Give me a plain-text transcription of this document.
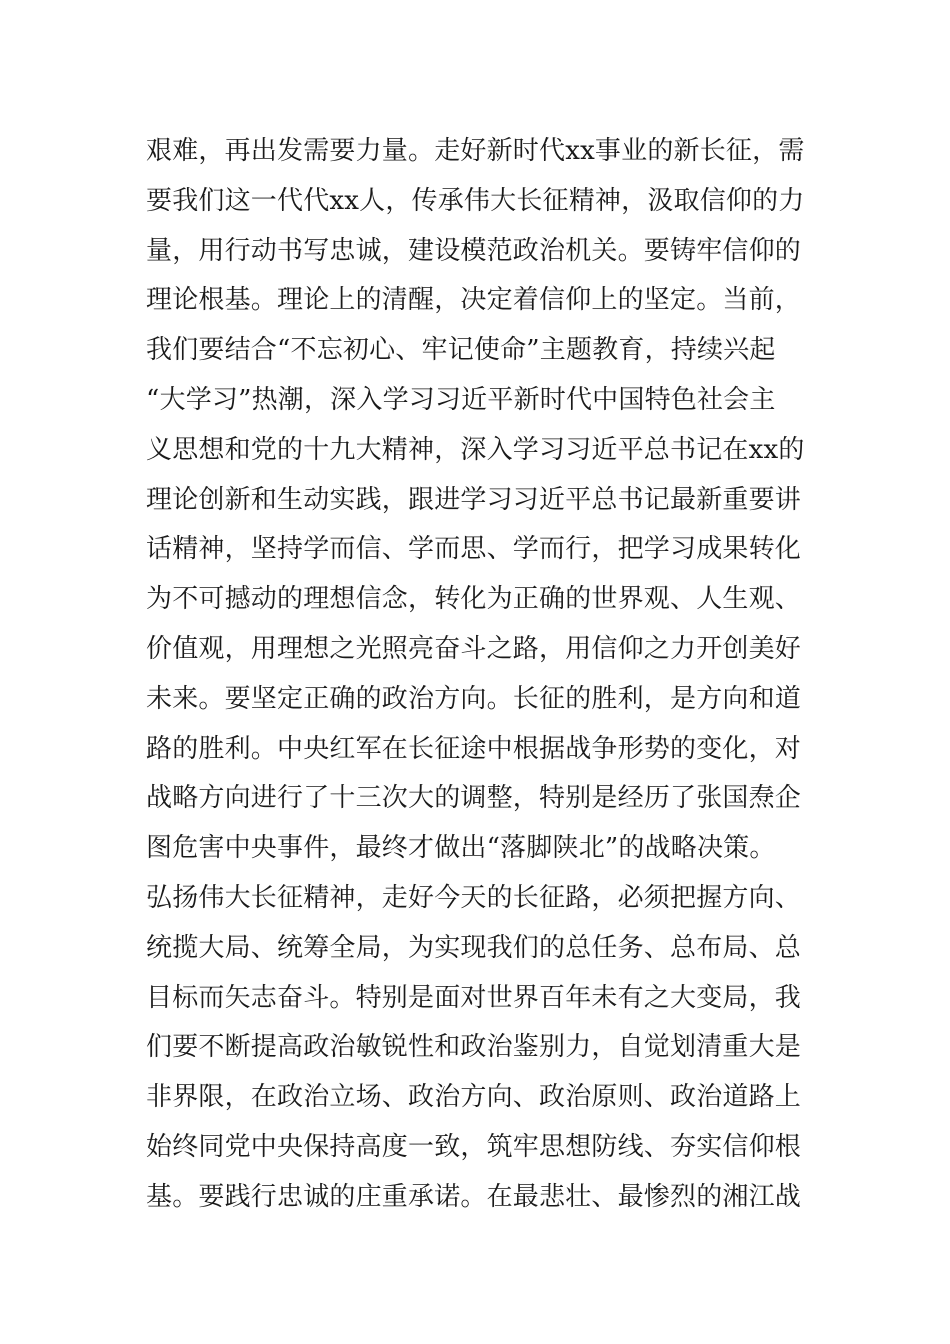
艰难，再出发需要力量。走好新时代xx事业的新长征，需
要我们这一代代xx人，传承伟大长征精神，汲取信仰的力
量，用行动书写忠诚，建设模范政治机关。要铸牢信仰的
理论根基。理论上的清醒，决定着信仰上的坚定。当前，
我们要结合“不忘初心、牢记使命”主题教育，持续兴起
“大学习”热潮，深入学习习近平新时代中国特色社会主
义思想和党的十九大精神，深入学习习近平总书记在xx的
理论创新和生动实践，跟进学习习近平总书记最新重要讲
话精神，坚持学而信、学而思、学而行，把学习成果转化
为不可撼动的理想信念，转化为正确的世界观、人生观、
价值观，用理想之光照亮奋斗之路，用信仰之力开创美好
未来。要坚定正确的政治方向。长征的胜利，是方向和道
路的胜利。中央红军在长征途中根据战争形势的变化，对
战略方向进行了十三次大的调整，特别是经历了张国焘企
图危害中央事件，最终才做出“落脚陕北”的战略决策。
弘扬伟大长征精神，走好今天的长征路，必须把握方向、
统揽大局、统筹全局，为实现我们的总任务、总布局、总
目标而矢志奋斗。特别是面对世界百年未有之大变局，我
们要不断提高政治敏锐性和政治鉴别力，自觉划清重大是
非界限，在政治立场、政治方向、政治原则、政治道路上
始终同党中央保持高度一致，筑牢思想防线、夯实信仰根
基。要践行忠诚的庄重承诺。在最悲壮、最惨烈的湘江战
